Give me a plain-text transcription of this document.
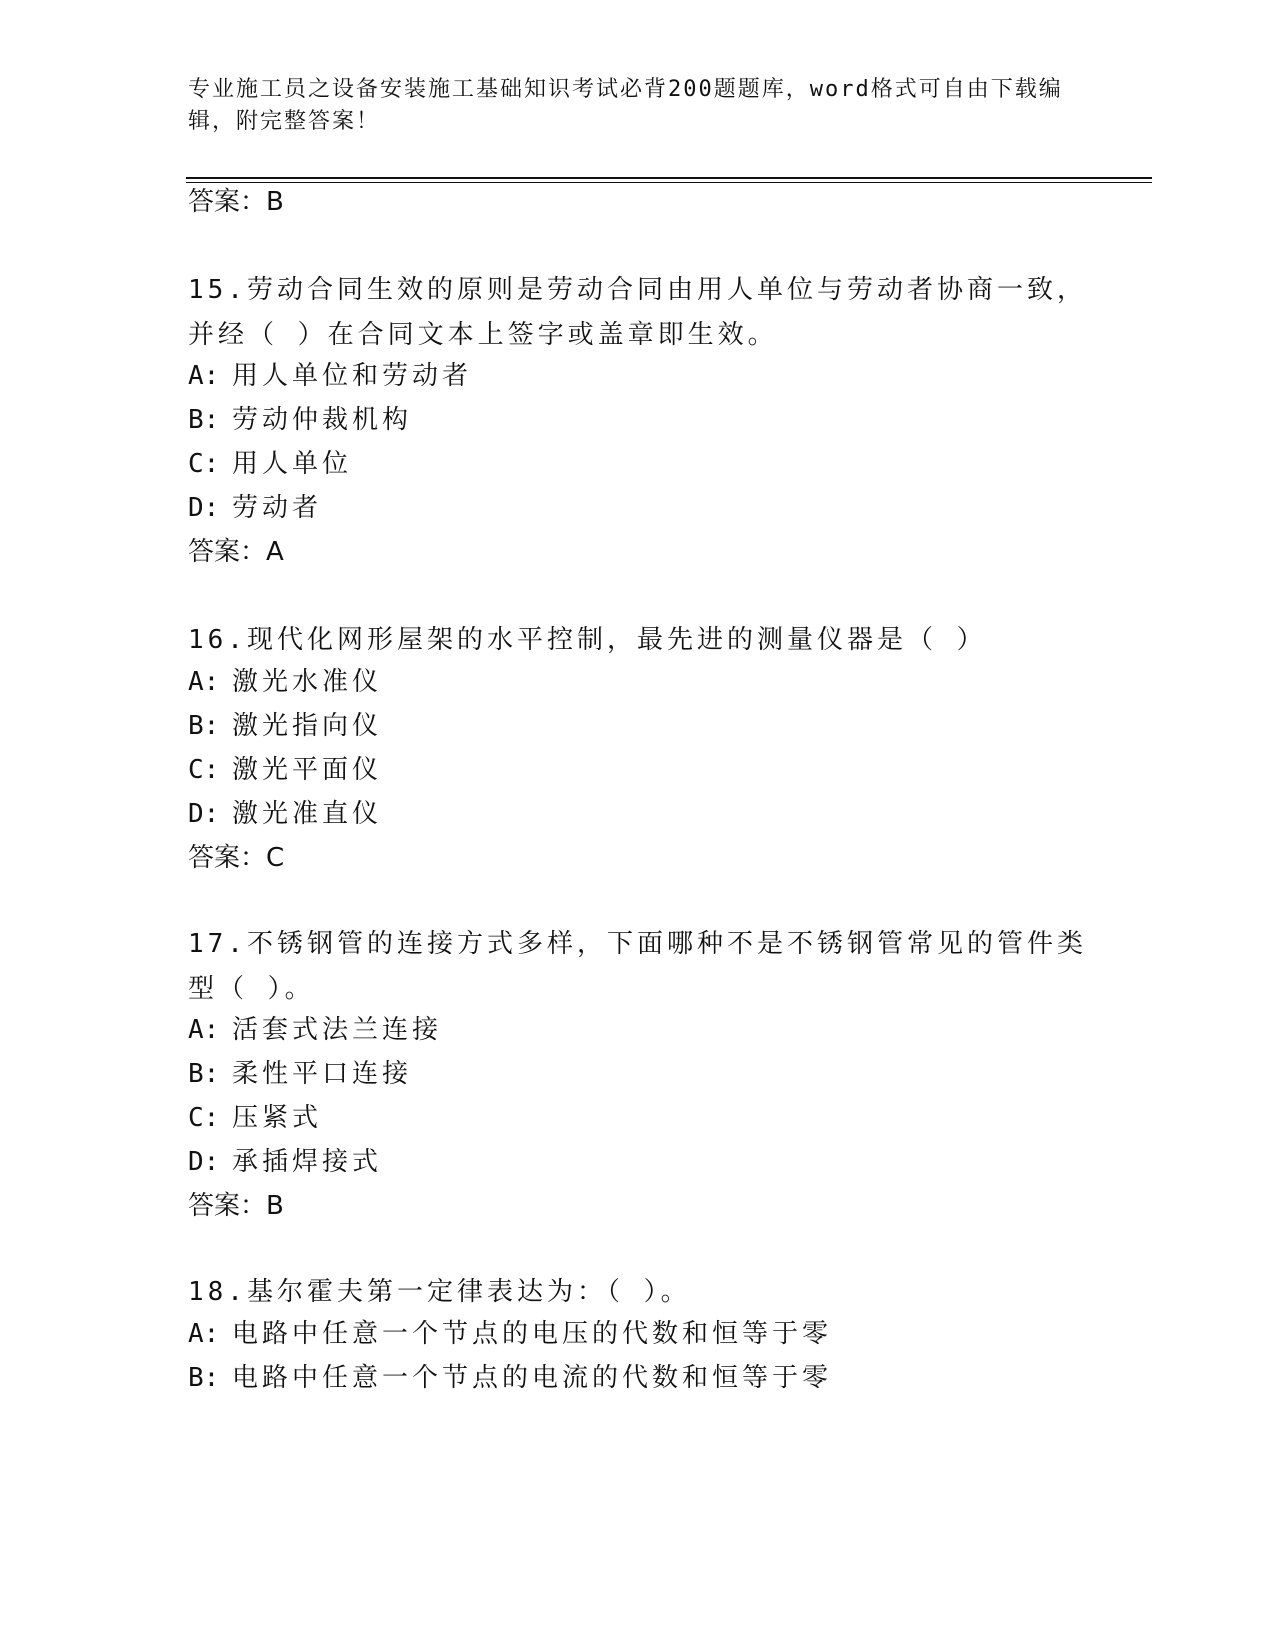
专业施工员之设备安装施工基础知识考试必背200题题库，word格式可自由下载编辑，附完整答案！
答案：B
15.劳动合同生效的原则是劳动合同由用人单位与劳动者协商一致，并经（ ）在合同文本上签字或盖章即生效。
A: 用人单位和劳动者
B: 劳动仲裁机构
C: 用人单位
D: 劳动者
答案：A
16.现代化网形屋架的水平控制，最先进的测量仪器是（ ）
A: 激光水准仪
B: 激光指向仪
C: 激光平面仪
D: 激光准直仪
答案：C
17.不锈钢管的连接方式多样，下面哪种不是不锈钢管常见的管件类型（ ）。
A: 活套式法兰连接
B: 柔性平口连接
C: 压紧式
D: 承插焊接式
答案：B
18.基尔霍夫第一定律表达为：（ ）。
A: 电路中任意一个节点的电压的代数和恒等于零
B: 电路中任意一个节点的电流的代数和恒等于零
